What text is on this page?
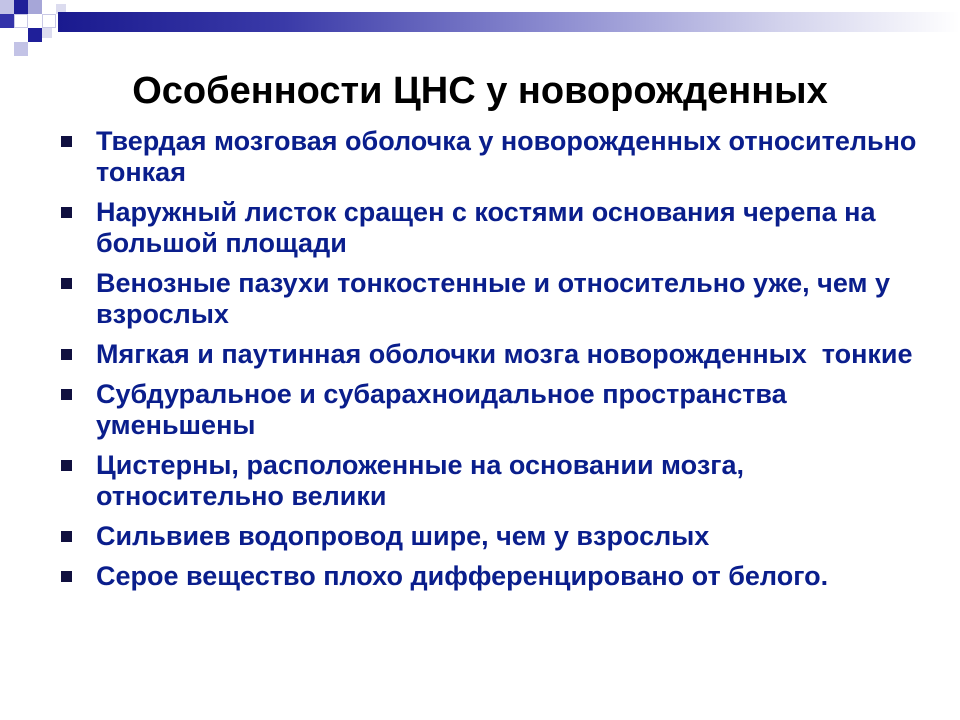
Особенности ЦНС у новорожденных
Твердая мозговая оболочка у новорожденных относительно тонкая
Наружный листок сращен с костями основания черепа на большой площади
Венозные пазухи тонкостенные и относительно уже, чем у взрослых
Мягкая и паутинная оболочки мозга новорожденных  тонкие
Субдуральное и субарахноидальное пространства уменьшены
Цистерны, расположенные на основании мозга, относительно велики
Сильвиев водопровод шире, чем у взрослых
Серое вещество плохо дифференцировано от белого.
